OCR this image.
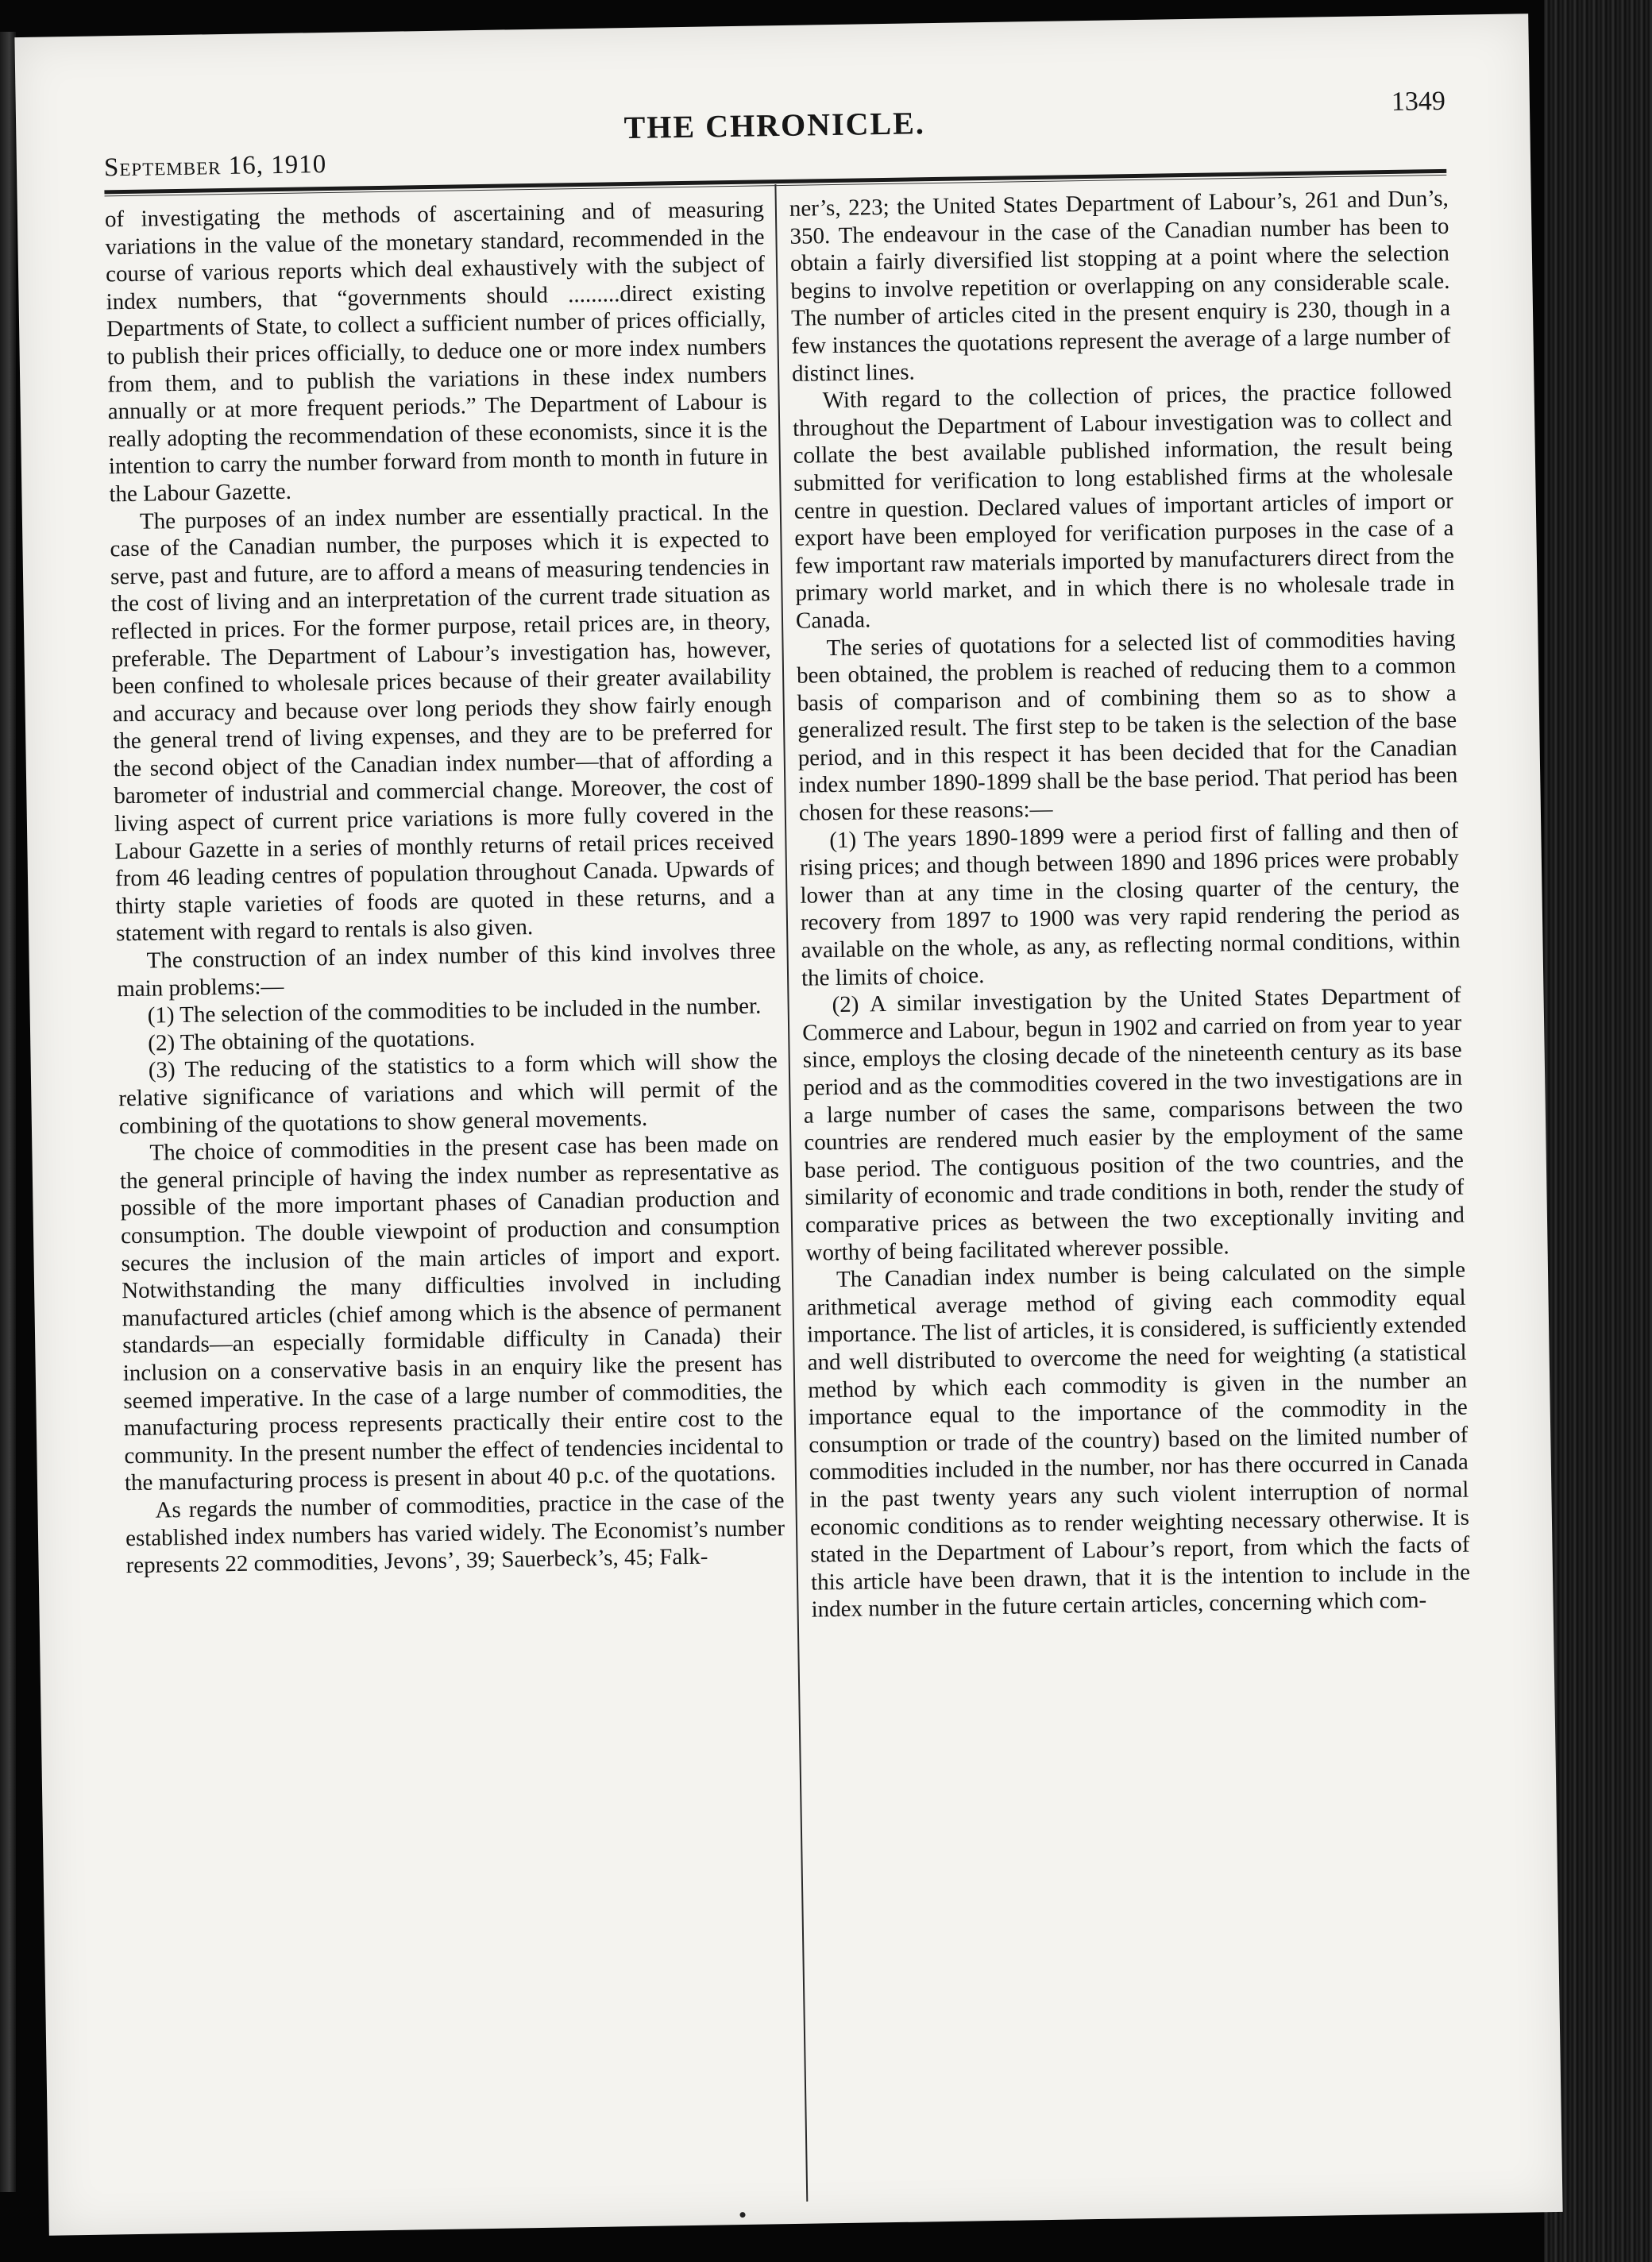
September 16, 1910
THE CHRONICLE.
1349

of investigating the methods of ascertaining and of measuring variations in the value of the monetary standard, recommended in the course of various reports which deal exhaustively with the subject of index numbers, that “governments should .........direct existing Departments of State, to collect a sufficient number of prices officially, to publish their prices officially, to deduce one or more index numbers from them, and to publish the variations in these index numbers annually or at more frequent periods.” The Department of Labour is really adopting the recommendation of these economists, since it is the intention to carry the number forward from month to month in future in the Labour Gazette.

The purposes of an index number are essentially practical. In the case of the Canadian number, the purposes which it is expected to serve, past and future, are to afford a means of measuring tendencies in the cost of living and an interpretation of the current trade situation as reflected in prices. For the former purpose, retail prices are, in theory, preferable. The Department of Labour’s investigation has, however, been confined to wholesale prices because of their greater availability and accuracy and because over long periods they show fairly enough the general trend of living expenses, and they are to be preferred for the second object of the Canadian index number—that of affording a barometer of industrial and commercial change. Moreover, the cost of living aspect of current price variations is more fully covered in the Labour Gazette in a series of monthly returns of retail prices received from 46 leading centres of population throughout Canada. Upwards of thirty staple varieties of foods are quoted in these returns, and a statement with regard to rentals is also given.

The construction of an index number of this kind involves three main problems:—

(1) The selection of the commodities to be included in the number.

(2) The obtaining of the quotations.

(3) The reducing of the statistics to a form which will show the relative significance of variations and which will permit of the combining of the quotations to show general movements.

The choice of commodities in the present case has been made on the general principle of having the index number as representative as possible of the more important phases of Canadian production and consumption. The double viewpoint of production and consumption secures the inclusion of the main articles of import and export. Notwithstanding the many difficulties involved in including manufactured articles (chief among which is the absence of permanent standards—an especially formidable difficulty in Canada) their inclusion on a conservative basis in an enquiry like the present has seemed imperative. In the case of a large number of commodities, the manufacturing process represents practically their entire cost to the community. In the present number the effect of tendencies incidental to the manufacturing process is present in about 40 p.c. of the quotations.

As regards the number of commodities, practice in the case of the established index numbers has varied widely. The Economist’s number represents 22 commodities, Jevons’, 39; Sauerbeck’s, 45; Falk-

ner’s, 223; the United States Department of Labour’s, 261 and Dun’s, 350. The endeavour in the case of the Canadian number has been to obtain a fairly diversified list stopping at a point where the selection begins to involve repetition or overlapping on any considerable scale. The number of articles cited in the present enquiry is 230, though in a few instances the quotations represent the average of a large number of distinct lines.

With regard to the collection of prices, the practice followed throughout the Department of Labour investigation was to collect and collate the best available published information, the result being submitted for verification to long established firms at the wholesale centre in question. Declared values of important articles of import or export have been employed for verification purposes in the case of a few important raw materials imported by manufacturers direct from the primary world market, and in which there is no wholesale trade in Canada.

The series of quotations for a selected list of commodities having been obtained, the problem is reached of reducing them to a common basis of comparison and of combining them so as to show a generalized result. The first step to be taken is the selection of the base period, and in this respect it has been decided that for the Canadian index number 1890-1899 shall be the base period. That period has been chosen for these reasons:—

(1) The years 1890-1899 were a period first of falling and then of rising prices; and though between 1890 and 1896 prices were probably lower than at any time in the closing quarter of the century, the recovery from 1897 to 1900 was very rapid rendering the period as available on the whole, as any, as reflecting normal conditions, within the limits of choice.

(2) A similar investigation by the United States Department of Commerce and Labour, begun in 1902 and carried on from year to year since, employs the closing decade of the nineteenth century as its base period and as the commodities covered in the two investigations are in a large number of cases the same, comparisons between the two countries are rendered much easier by the employment of the same base period. The contiguous position of the two countries, and the similarity of economic and trade conditions in both, render the study of comparative prices as between the two exceptionally inviting and worthy of being facilitated wherever possible.

The Canadian index number is being calculated on the simple arithmetical average method of giving each commodity equal importance. The list of articles, it is considered, is sufficiently extended and well distributed to overcome the need for weighting (a statistical method by which each commodity is given in the number an importance equal to the importance of the commodity in the consumption or trade of the country) based on the limited number of commodities included in the number, nor has there occurred in Canada in the past twenty years any such violent interruption of normal economic conditions as to render weighting necessary otherwise. It is stated in the Department of Labour’s report, from which the facts of this article have been drawn, that it is the intention to include in the index number in the future certain articles, concerning which com-
